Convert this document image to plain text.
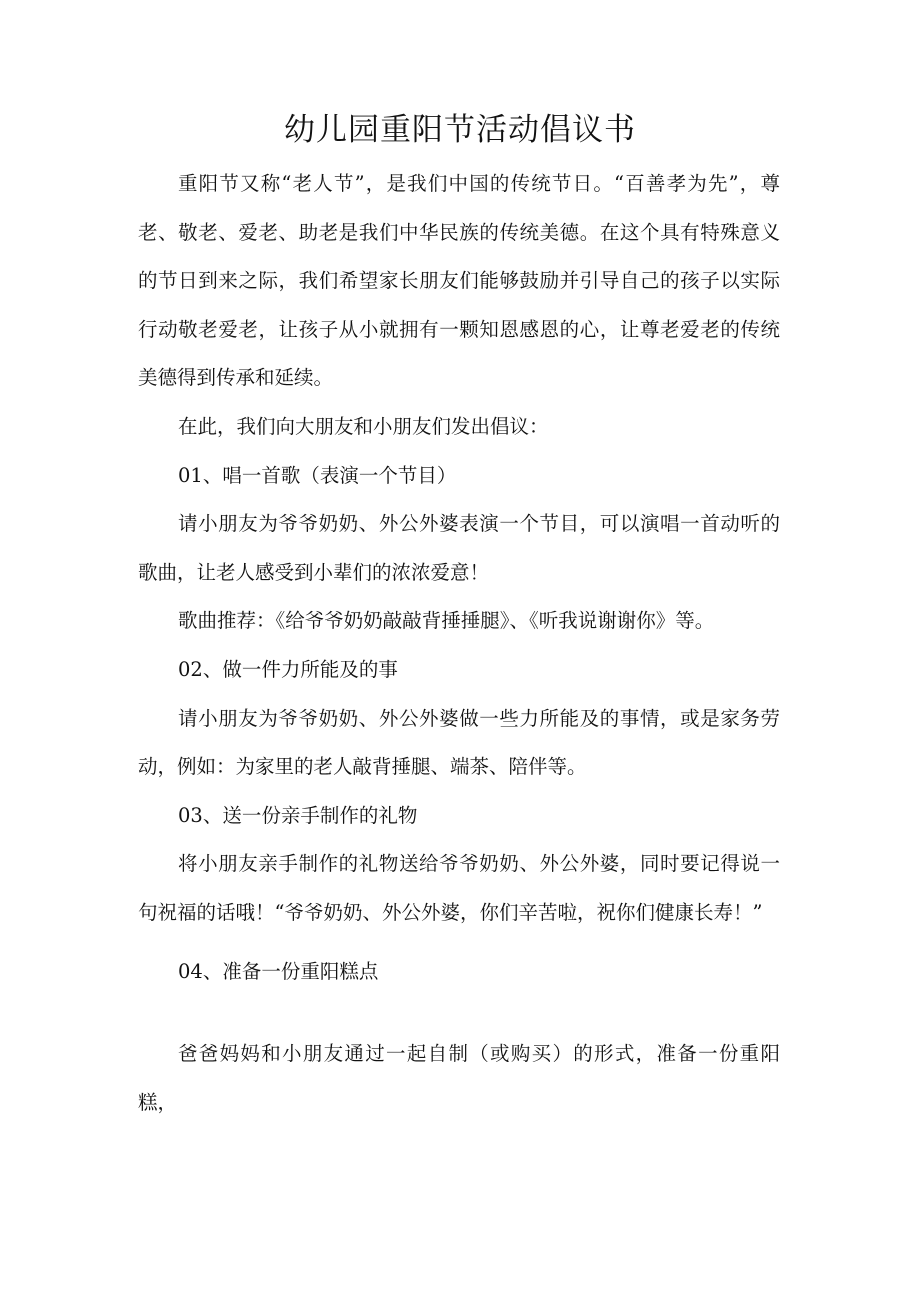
幼儿园重阳节活动倡议书

重阳节又称“老人节”，是我们中国的传统节日。“百善孝为先”，尊老、敬老、爱老、助老是我们中华民族的传统美德。在这个具有特殊意义的节日到来之际，我们希望家长朋友们能够鼓励并引导自己的孩子以实际行动敬老爱老，让孩子从小就拥有一颗知恩感恩的心，让尊老爱老的传统美德得到传承和延续。

在此，我们向大朋友和小朋友们发出倡议：

01、唱一首歌（表演一个节目）

请小朋友为爷爷奶奶、外公外婆表演一个节目，可以演唱一首动听的歌曲，让老人感受到小辈们的浓浓爱意！

歌曲推荐：《给爷爷奶奶敲敲背捶捶腿》、《听我说谢谢你》等。

02、做一件力所能及的事

请小朋友为爷爷奶奶、外公外婆做一些力所能及的事情，或是家务劳动，例如：为家里的老人敲背捶腿、端茶、陪伴等。

03、送一份亲手制作的礼物

将小朋友亲手制作的礼物送给爷爷奶奶、外公外婆，同时要记得说一句祝福的话哦！“爷爷奶奶、外公外婆，你们辛苦啦，祝你们健康长寿！”

04、准备一份重阳糕点

爸爸妈妈和小朋友通过一起自制（或购买）的形式，准备一份重阳糕，
